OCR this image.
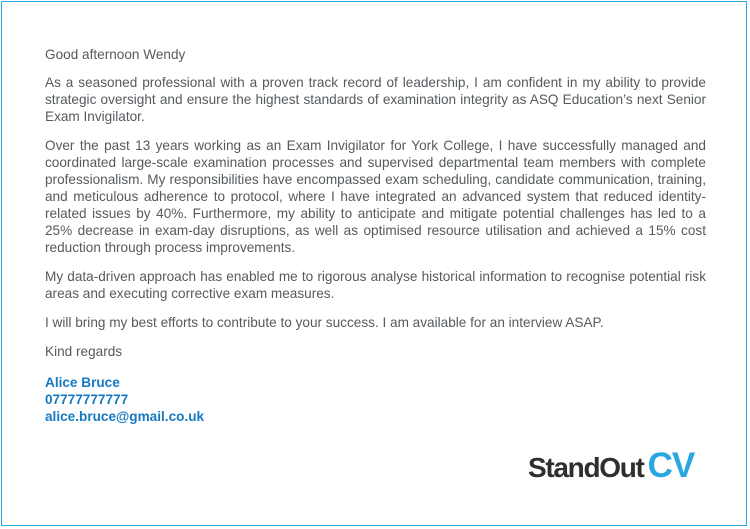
Good afternoon Wendy

As a seasoned professional with a proven track record of leadership, I am confident in my ability to provide strategic oversight and ensure the highest standards of examination integrity as ASQ Education’s next Senior Exam Invigilator.

Over the past 13 years working as an Exam Invigilator for York College, I have successfully managed and coordinated large-scale examination processes and supervised departmental team members with complete professionalism. My responsibilities have encompassed exam scheduling, candidate communication, training, and meticulous adherence to protocol, where I have integrated an advanced system that reduced identity-related issues by 40%. Furthermore, my ability to anticipate and mitigate potential challenges has led to a 25% decrease in exam-day disruptions, as well as optimised resource utilisation and achieved a 15% cost reduction through process improvements.

My data-driven approach has enabled me to rigorous analyse historical information to recognise potential risk areas and executing corrective exam measures.

I will bring my best efforts to contribute to your success. I am available for an interview ASAP.

Kind regards

Alice Bruce
07777777777
alice.bruce@gmail.co.uk
StandOut CV
